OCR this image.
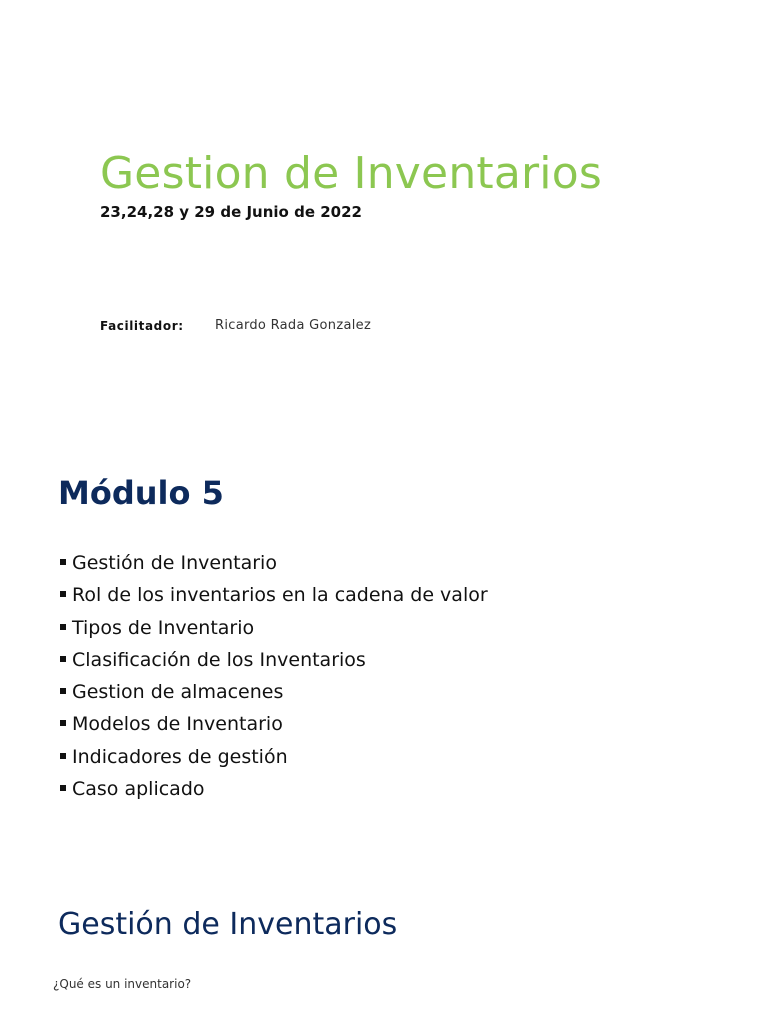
Gestion de Inventarios
23,24,28 y 29 de Junio de 2022
Facilitador: Ricardo Rada Gonzalez
Módulo 5
Gestión de Inventario
Rol de los inventarios en la cadena de valor
Tipos de Inventario
Clasificación de los Inventarios
Gestion de almacenes
Modelos de Inventario
Indicadores de gestión
Caso aplicado
Gestión de Inventarios
¿Qué es un inventario?
